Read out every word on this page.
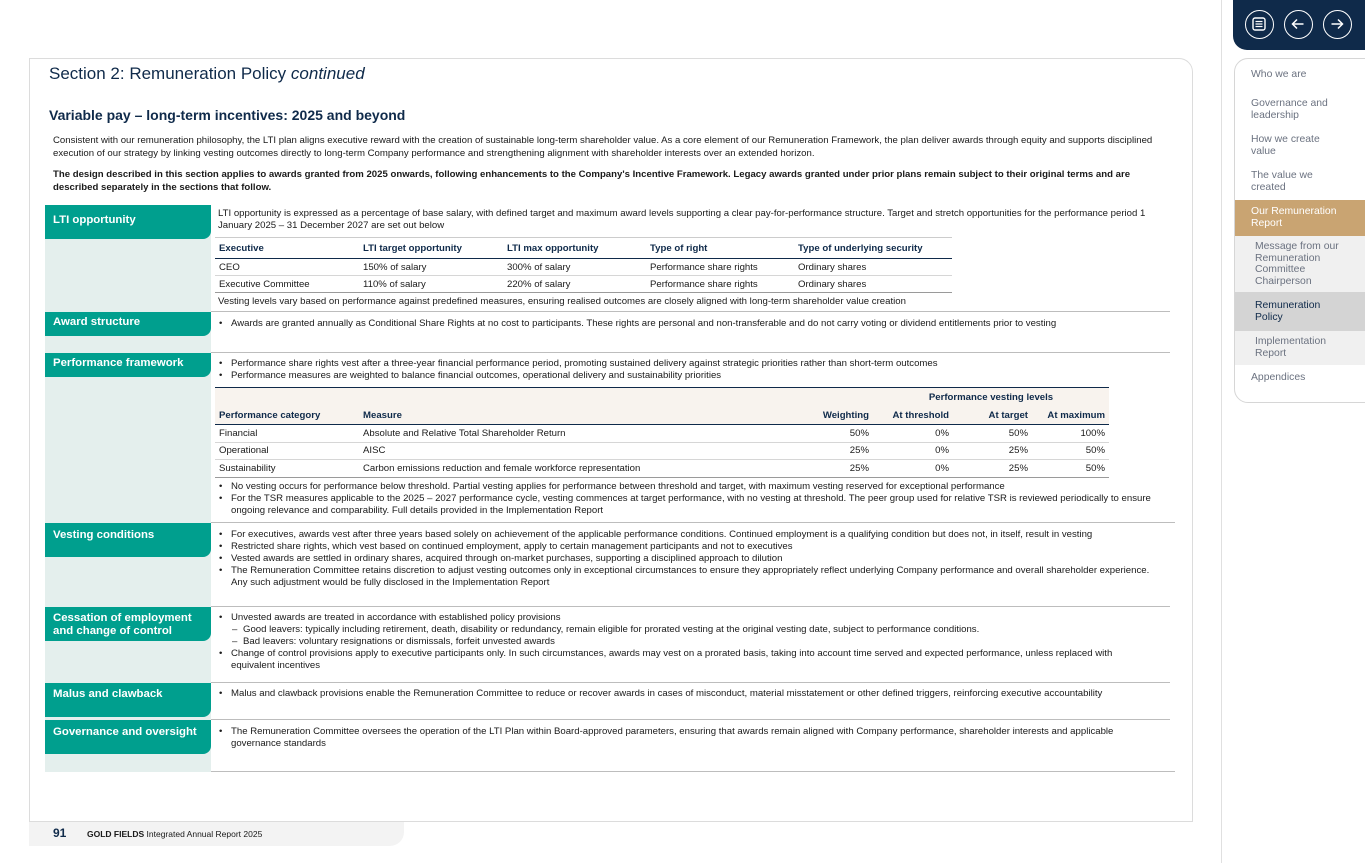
Section 2: Remuneration Policy continued
Variable pay – long-term incentives: 2025 and beyond

Consistent with our remuneration philosophy, the LTI plan aligns executive reward with the creation of sustainable long-term shareholder value. As a core element of our Remuneration Framework, the plan deliver awards through equity and supports disciplined execution of our strategy by linking vesting outcomes directly to long-term Company performance and strengthening alignment with shareholder interests over an extended horizon.

The design described in this section applies to awards granted from 2025 onwards, following enhancements to the Company's Incentive Framework. Legacy awards granted under prior plans remain subject to their original terms and are described separately in the sections that follow.

LTI opportunity
LTI opportunity is expressed as a percentage of base salary, with defined target and maximum award levels supporting a clear pay-for-performance structure. Target and stretch opportunities for the performance period 1 January 2025 – 31 December 2027 are set out below
Executive	LTI target opportunity	LTI max opportunity	Type of right	Type of underlying security
CEO	150% of salary	300% of salary	Performance share rights	Ordinary shares
Executive Committee	110% of salary	220% of salary	Performance share rights	Ordinary shares
Vesting levels vary based on performance against predefined measures, ensuring realised outcomes are closely aligned with long-term shareholder value creation
Award structure	• Awards are granted annually as Conditional Share Rights at no cost to participants. These rights are personal and non-transferable and do not carry voting or dividend entitlements prior to vesting
Performance framework	• Performance share rights vest after a three-year financial performance period, promoting sustained delivery against strategic priorities rather than short-term outcomes
• Performance measures are weighted to balance financial outcomes, operational delivery and sustainability priorities
			Performance vesting levels		
Performance category	Measure	Weighting	At threshold	At target	At maximum
Financial	Absolute and Relative Total Shareholder Return	50%	0%	50%	100%
Operational	AISC	25%	0%	25%	50%
Sustainability	Carbon emissions reduction and female workforce representation	25%	0%	25%	50%
• No vesting occurs for performance below threshold. Partial vesting applies for performance between threshold and target, with maximum vesting reserved for exceptional performance
• For the TSR measures applicable to the 2025 – 2027 performance cycle, vesting commences at target performance, with no vesting at threshold. The peer group used for relative TSR is reviewed periodically to ensure ongoing relevance and comparability. Full details provided in the Implementation Report
Vesting conditions	• For executives, awards vest after three years based solely on achievement of the applicable performance conditions. Continued employment is a qualifying condition but does not, in itself, result in vesting
• Restricted share rights, which vest based on continued employment, apply to certain management participants and not to executives
• Vested awards are settled in ordinary shares, acquired through on-market purchases, supporting a disciplined approach to dilution
• The Remuneration Committee retains discretion to adjust vesting outcomes only in exceptional circumstances to ensure they appropriately reflect underlying Company performance and overall shareholder experience. Any such adjustment would be fully disclosed in the Implementation Report
Cessation of employment and change of control
• Unvested awards are treated in accordance with established policy provisions
– Good leavers: typically including retirement, death, disability or redundancy, remain eligible for prorated vesting at the original vesting date, subject to performance conditions.
– Bad leavers: voluntary resignations or dismissals, forfeit unvested awards
• Change of control provisions apply to executive participants only. In such circumstances, awards may vest on a prorated basis, taking into account time served and expected performance, unless replaced with equivalent incentives
Malus and clawback	• Malus and clawback provisions enable the Remuneration Committee to reduce or recover awards in cases of misconduct, material misstatement or other defined triggers, reinforcing executive accountability
Governance and oversight	• The Remuneration Committee oversees the operation of the LTI Plan within Board-approved parameters, ensuring that awards remain aligned with Company performance, shareholder interests and applicable governance standards
91 GOLD FIELDS Integrated Annual Report 2025
Who we are
Governance and leadership
How we create value
The value we created
Our Remuneration Report
Message from our Remuneration Committee Chairperson
Remuneration Policy
Implementation Report
Appendices
